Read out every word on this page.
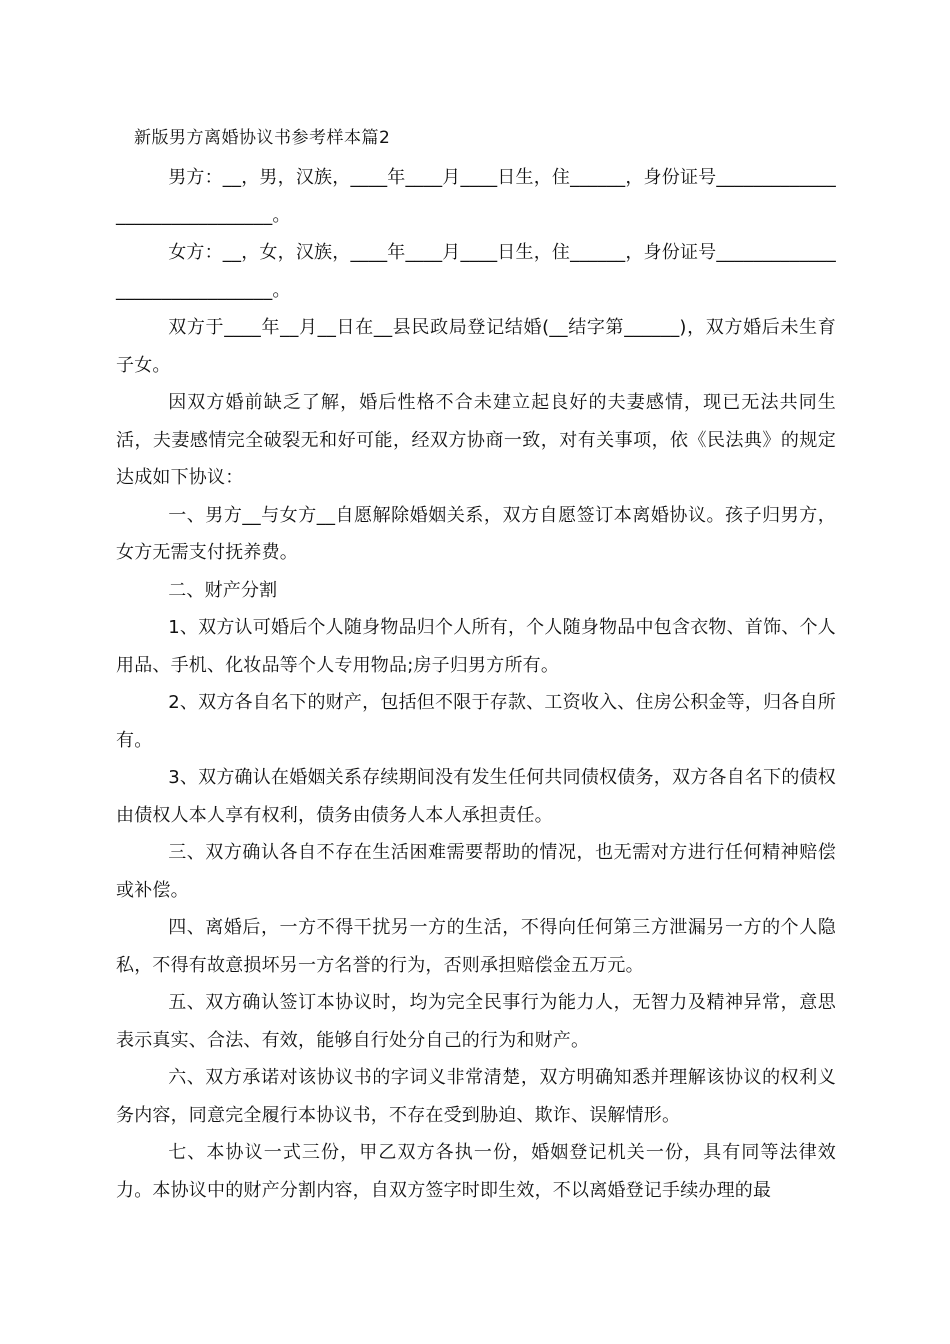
新版男方离婚协议书参考样本篇2

男方：__，男，汉族，____年____月____日生，住______，身份证号______________________________。

女方：__，女，汉族，____年____月____日生，住______，身份证号______________________________。

双方于____年__月__日在__县民政局登记结婚(__结字第______)，双方婚后未生育子女。

因双方婚前缺乏了解，婚后性格不合未建立起良好的夫妻感情，现已无法共同生活，夫妻感情完全破裂无和好可能，经双方协商一致，对有关事项，依《民法典》的规定达成如下协议：

一、男方__与女方__自愿解除婚姻关系，双方自愿签订本离婚协议。孩子归男方，女方无需支付抚养费。

二、财产分割

1、双方认可婚后个人随身物品归个人所有，个人随身物品中包含衣物、首饰、个人用品、手机、化妆品等个人专用物品;房子归男方所有。

2、双方各自名下的财产，包括但不限于存款、工资收入、住房公积金等，归各自所有。

3、双方确认在婚姻关系存续期间没有发生任何共同债权债务，双方各自名下的债权由债权人本人享有权利，债务由债务人本人承担责任。

三、双方确认各自不存在生活困难需要帮助的情况，也无需对方进行任何精神赔偿或补偿。

四、离婚后，一方不得干扰另一方的生活，不得向任何第三方泄漏另一方的个人隐私，不得有故意损坏另一方名誉的行为，否则承担赔偿金五万元。

五、双方确认签订本协议时，均为完全民事行为能力人，无智力及精神异常，意思表示真实、合法、有效，能够自行处分自己的行为和财产。

六、双方承诺对该协议书的字词义非常清楚，双方明确知悉并理解该协议的权利义务内容，同意完全履行本协议书，不存在受到胁迫、欺诈、误解情形。

七、本协议一式三份，甲乙双方各执一份，婚姻登记机关一份，具有同等法律效力。本协议中的财产分割内容，自双方签字时即生效，不以离婚登记手续办理的最
